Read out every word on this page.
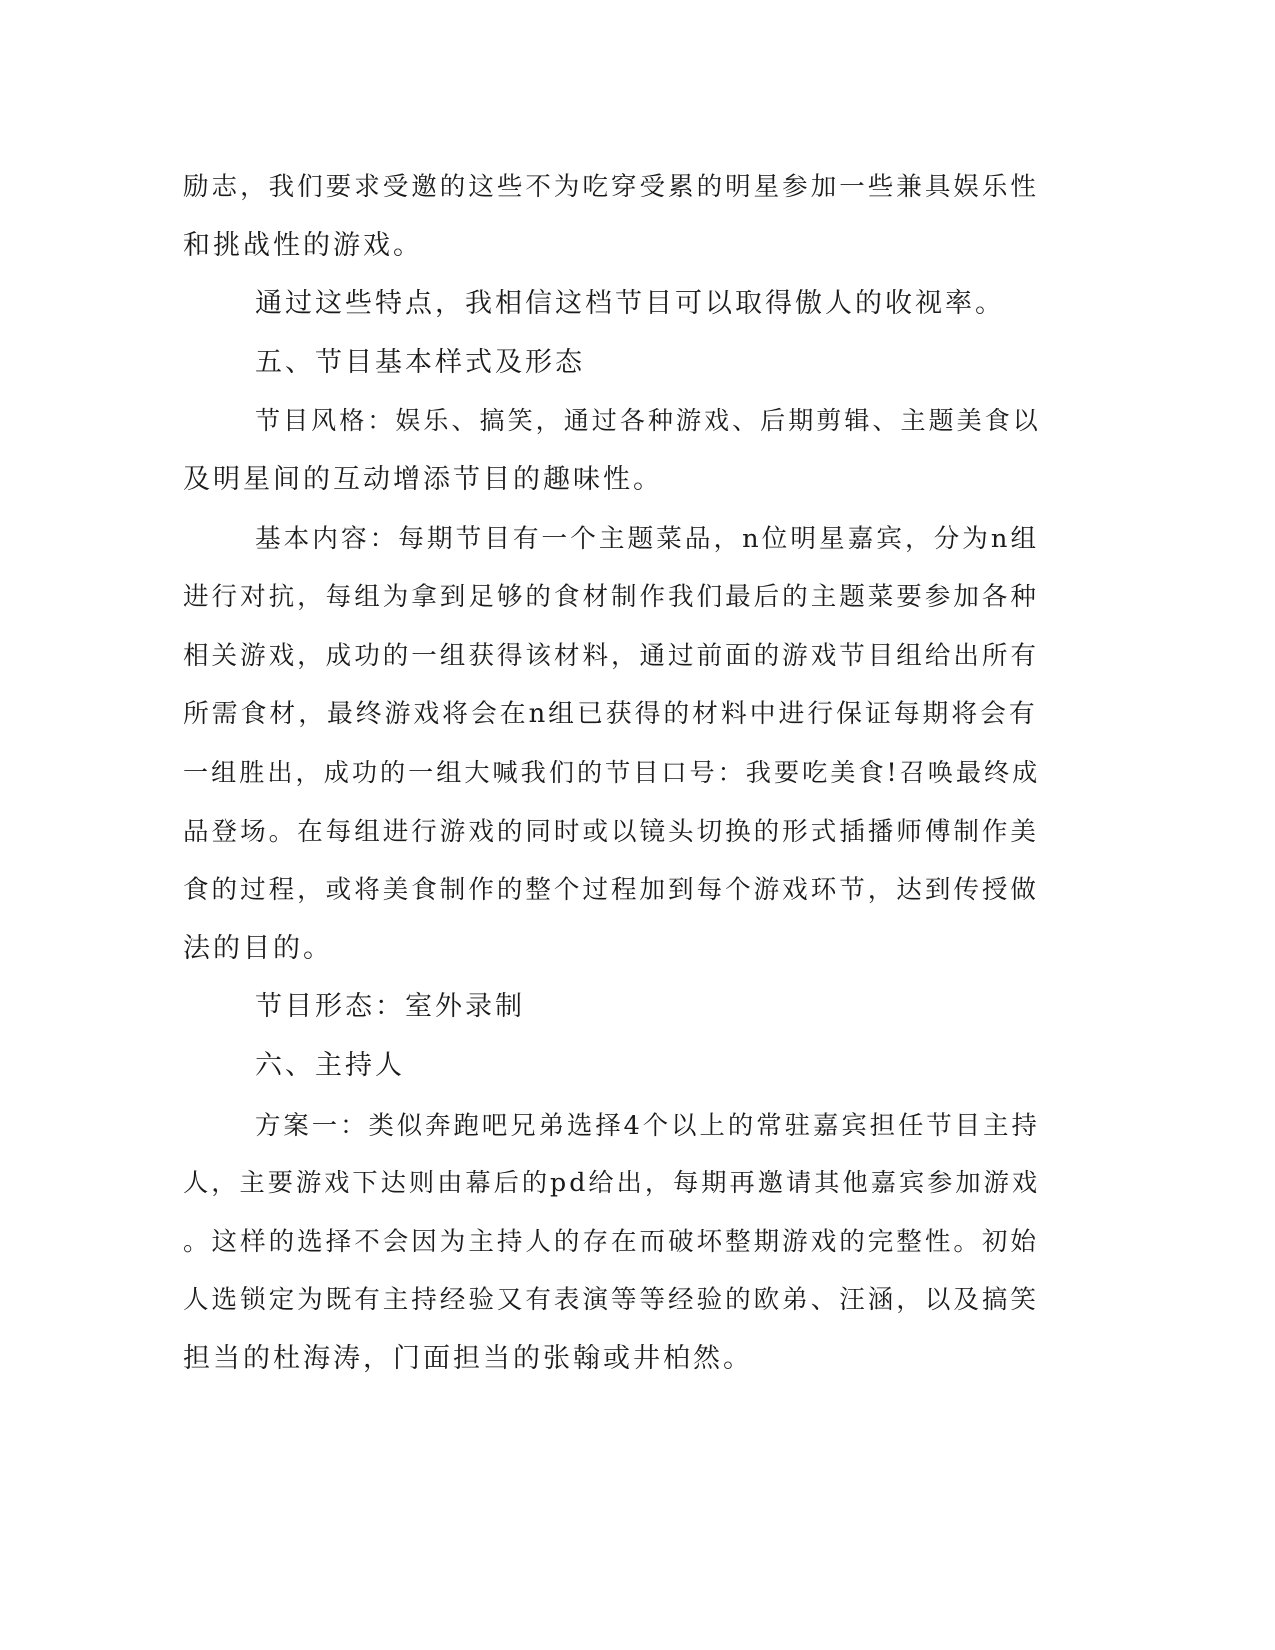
励志，我们要求受邀的这些不为吃穿受累的明星参加一些兼具娱乐性
和挑战性的游戏。
通过这些特点，我相信这档节目可以取得傲人的收视率。
五、节目基本样式及形态
节目风格：娱乐、搞笑，通过各种游戏、后期剪辑、主题美食以
及明星间的互动增添节目的趣味性。
基本内容：每期节目有一个主题菜品，n位明星嘉宾，分为n组
进行对抗，每组为拿到足够的食材制作我们最后的主题菜要参加各种
相关游戏，成功的一组获得该材料，通过前面的游戏节目组给出所有
所需食材，最终游戏将会在n组已获得的材料中进行保证每期将会有
一组胜出，成功的一组大喊我们的节目口号：我要吃美食!召唤最终成
品登场。在每组进行游戏的同时或以镜头切换的形式插播师傅制作美
食的过程，或将美食制作的整个过程加到每个游戏环节，达到传授做
法的目的。
节目形态：室外录制
六、主持人
方案一：类似奔跑吧兄弟选择4个以上的常驻嘉宾担任节目主持
人，主要游戏下达则由幕后的pd给出，每期再邀请其他嘉宾参加游戏
。这样的选择不会因为主持人的存在而破坏整期游戏的完整性。初始
人选锁定为既有主持经验又有表演等等经验的欧弟、汪涵，以及搞笑
担当的杜海涛，门面担当的张翰或井柏然。
